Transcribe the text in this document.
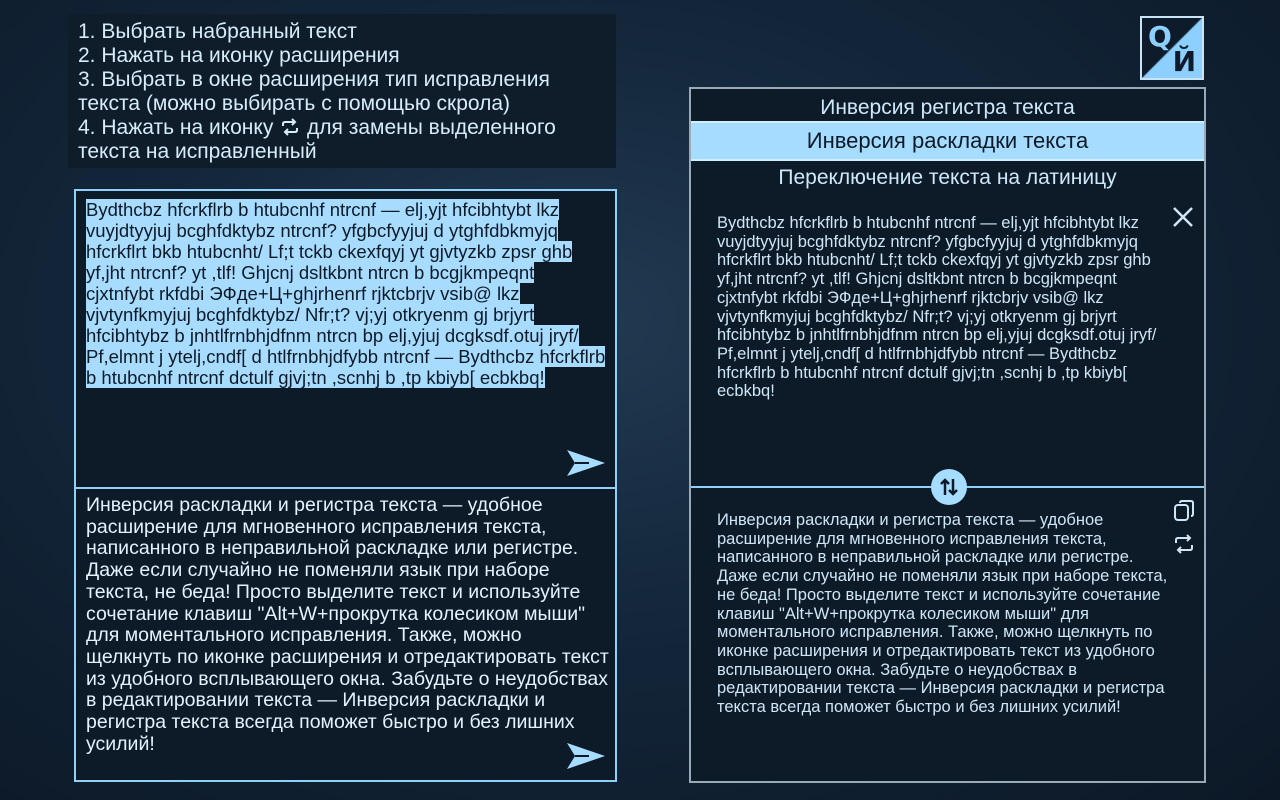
1. Выбрать набранный текст
2. Нажать на иконку расширения
3. Выбрать в окне расширения тип исправления текста (можно выбирать с помощью скрола)
4. Нажать на иконку для замены выделенного текста на исправленный
Q
Й
Bydthcbz hfcrkflrb b htubcnhf ntrcnf — elj,yjt hfcibhtybt lkz vuyjdtyyjuj bcghfdktybz ntrcnf? yfgbcfyyjuj d ytghfdbkmyjq hfcrkflrt bkb htubcnht/ Lf;t tckb ckexfqyj yt gjvtyzkb zpsr ghb yf,jht ntrcnf? yt ,tlf! Ghjcnj dsltkbnt ntrcn b bcgjkmpeqnt cjxtnfybt rkfdbi ЭФде+Ц+ghjrhenrf rjktcbrjv vsib@ lkz vjvtynfkmyjuj bcghfdktybz/ Nfr;t? vj;yj otkryenm gj brjyrt hfcibhtybz b jnhtlfrnbhjdfnm ntrcn bp elj,yjuj dcgksdf.otuj jryf/ Pf,elmnt j ytelj,cndf[ d htlfrnbhjdfybb ntrcnf — Bydthcbz hfcrkflrb b htubcnhf ntrcnf dctulf gjvj;tn ,scnhj b ,tp kbiyb[ ecbkbq!
Инверсия раскладки и регистра текста — удобное расширение для мгновенного исправления текста, написанного в неправильной раскладке или регистре. Даже если случайно не поменяли язык при наборе текста, не беда! Просто выделите текст и используйте сочетание клавиш "Alt+W+прокрутка колесиком мыши" для моментального исправления. Также, можно щелкнуть по иконке расширения и отредактировать текст из удобного всплывающего окна. Забудьте о неудобствах в редактировании текста — Инверсия раскладки и регистра текста всегда поможет быстро и без лишних усилий!
Инверсия регистра текста
Инверсия раскладки текста
Переключение текста на латиницу
Bydthcbz hfcrkflrb b htubcnhf ntrcnf — elj,yjt hfcibhtybt lkz vuyjdtyyjuj bcghfdktybz ntrcnf? yfgbcfyyjuj d ytghfdbkmyjq hfcrkflrt bkb htubcnht/ Lf;t tckb ckexfqyj yt gjvtyzkb zpsr ghb yf,jht ntrcnf? yt ,tlf! Ghjcnj dsltkbnt ntrcn b bcgjkmpeqnt cjxtnfybt rkfdbi ЭФде+Ц+ghjrhenrf rjktcbrjv vsib@ lkz vjvtynfkmyjuj bcghfdktybz/ Nfr;t? vj;yj otkryenm gj brjyrt hfcibhtybz b jnhtlfrnbhjdfnm ntrcn bp elj,yjuj dcgksdf.otuj jryf/ Pf,elmnt j ytelj,cndf[ d htlfrnbhjdfybb ntrcnf — Bydthcbz hfcrkflrb b htubcnhf ntrcnf dctulf gjvj;tn ,scnhj b ,tp kbiyb[ ecbkbq!
Инверсия раскладки и регистра текста — удобное расширение для мгновенного исправления текста, написанного в неправильной раскладке или регистре. Даже если случайно не поменяли язык при наборе текста, не беда! Просто выделите текст и используйте сочетание клавиш "Alt+W+прокрутка колесиком мыши" для моментального исправления. Также, можно щелкнуть по иконке расширения и отредактировать текст из удобного всплывающего окна. Забудьте о неудобствах в редактировании текста — Инверсия раскладки и регистра текста всегда поможет быстро и без лишних усилий!
